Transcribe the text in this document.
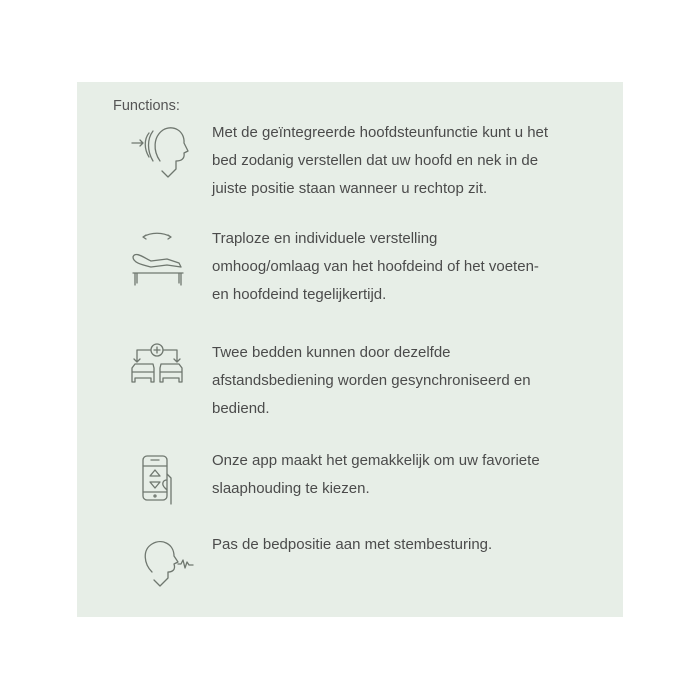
Functions:
Met de geïntegreerde hoofdsteunfunctie kunt u het
bed zodanig verstellen dat uw hoofd en nek in de
juiste positie staan wanneer u rechtop zit.
Traploze en individuele verstelling
omhoog/omlaag van het hoofdeind of het voeten-
en hoofdeind tegelijkertijd.
Twee bedden kunnen door dezelfde
afstandsbediening worden gesynchroniseerd en
bediend.
Onze app maakt het gemakkelijk om uw favoriete
slaaphouding te kiezen.
Pas de bedpositie aan met stembesturing.
